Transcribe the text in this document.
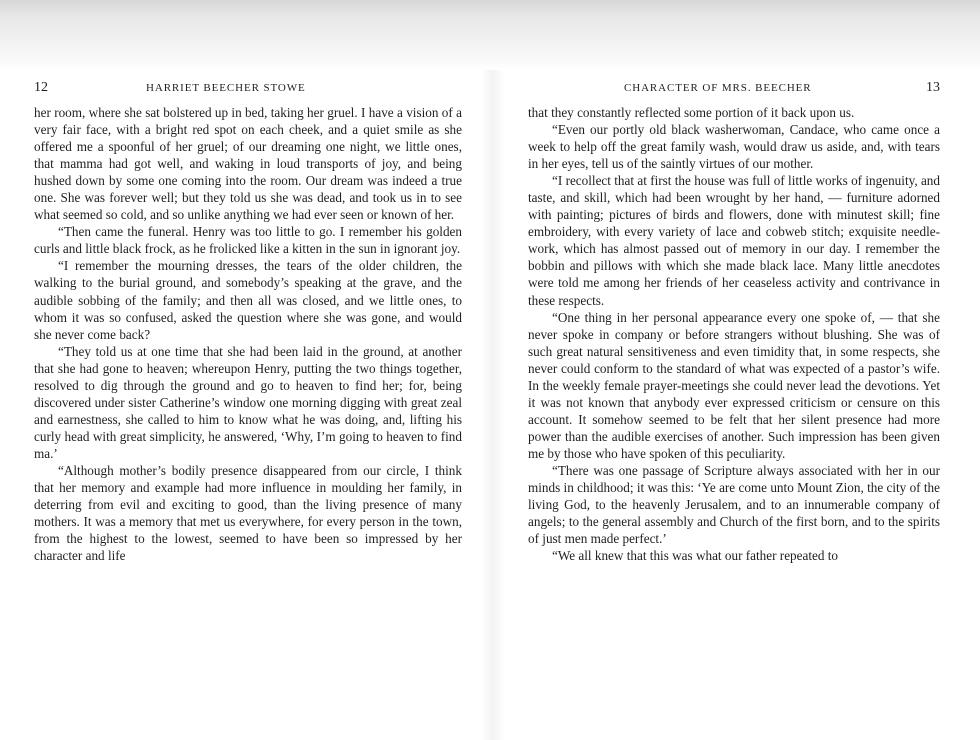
12	HARRIET BEECHER STOWE

her room, where she sat bolstered up in bed, taking her gruel. I have a vision of a very fair face, with a bright red spot on each cheek, and a quiet smile as she offered me a spoonful of her gruel; of our dreaming one night, we little ones, that mamma had got well, and waking in loud transports of joy, and being hushed down by some one coming into the room. Our dream was indeed a true one. She was forever well; but they told us she was dead, and took us in to see what seemed so cold, and so unlike anything we had ever seen or known of her.

“Then came the funeral. Henry was too little to go. I remember his golden curls and little black frock, as he frolicked like a kitten in the sun in ignorant joy.

“I remember the mourning dresses, the tears of the older children, the walking to the burial ground, and somebody’s speaking at the grave, and the audible sobbing of the family; and then all was closed, and we little ones, to whom it was so confused, asked the question where she was gone, and would she never come back?

“They told us at one time that she had been laid in the ground, at another that she had gone to heaven; whereupon Henry, putting the two things together, resolved to dig through the ground and go to heaven to find her; for, being discovered under sister Catherine’s window one morning digging with great zeal and earnestness, she called to him to know what he was doing, and, lifting his curly head with great simplicity, he answered, ‘Why, I’m going to heaven to find ma.’

“Although mother’s bodily presence disappeared from our circle, I think that her memory and example had more influence in moulding her family, in deterring from evil and exciting to good, than the living presence of many mothers. It was a memory that met us everywhere, for every person in the town, from the highest to the lowest, seemed to have been so impressed by her character and life

CHARACTER OF MRS. BEECHER	13

that they constantly reflected some portion of it back upon us.

“Even our portly old black washerwoman, Candace, who came once a week to help off the great family wash, would draw us aside, and, with tears in her eyes, tell us of the saintly virtues of our mother.

“I recollect that at first the house was full of little works of ingenuity, and taste, and skill, which had been wrought by her hand, — furniture adorned with painting; pictures of birds and flowers, done with minutest skill; fine embroidery, with every variety of lace and cobweb stitch; exquisite needle-work, which has almost passed out of memory in our day. I remember the bobbin and pillows with which she made black lace. Many little anecdotes were told me among her friends of her ceaseless activity and contrivance in these respects.

“One thing in her personal appearance every one spoke of, — that she never spoke in company or before strangers without blushing. She was of such great natural sensitiveness and even timidity that, in some respects, she never could conform to the standard of what was expected of a pastor’s wife. In the weekly female prayer-meetings she could never lead the devotions. Yet it was not known that anybody ever expressed criticism or censure on this account. It somehow seemed to be felt that her silent presence had more power than the audible exercises of another. Such impression has been given me by those who have spoken of this peculiarity.

“There was one passage of Scripture always associated with her in our minds in childhood; it was this: ‘Ye are come unto Mount Zion, the city of the living God, to the heavenly Jerusalem, and to an innumerable company of angels; to the general assembly and Church of the first born, and to the spirits of just men made perfect.’

“We all knew that this was what our father repeated to
